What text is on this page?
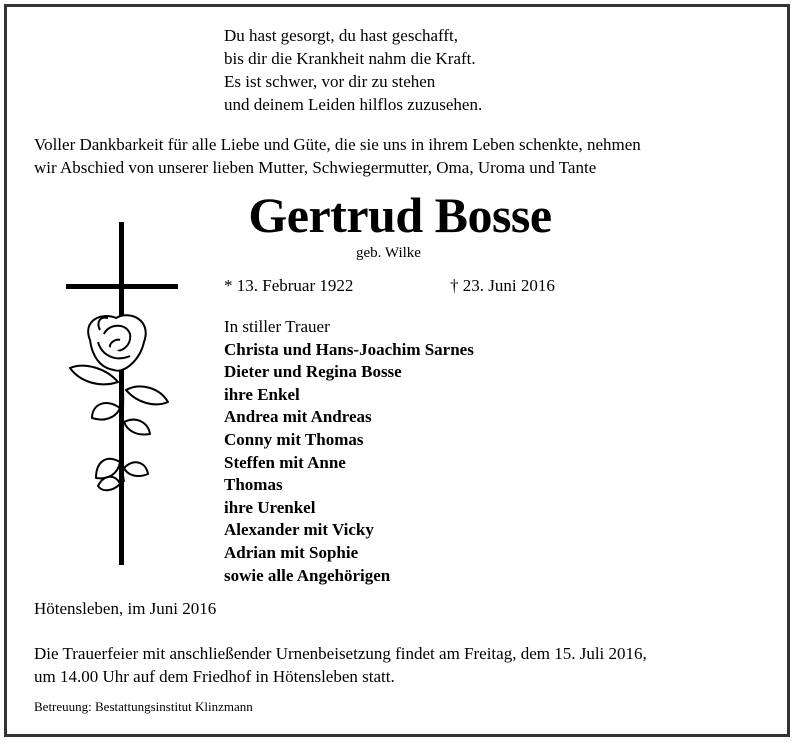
Du hast gesorgt, du hast geschafft,
bis dir die Krankheit nahm die Kraft.
Es ist schwer, vor dir zu stehen
und deinem Leiden hilflos zuzusehen.
Voller Dankbarkeit für alle Liebe und Güte, die sie uns in ihrem Leben schenkte, nehmen
wir Abschied von unserer lieben Mutter, Schwiegermutter, Oma, Uroma und Tante
Gertrud Bosse
geb. Wilke
* 13. Februar 1922	† 23. Juni 2016
In stiller Trauer
Christa und Hans-Joachim Sarnes
Dieter und Regina Bosse
ihre Enkel
Andrea mit Andreas
Conny mit Thomas
Steffen mit Anne
Thomas
ihre Urenkel
Alexander mit Vicky
Adrian mit Sophie
sowie alle Angehörigen
Hötensleben, im Juni 2016
Die Trauerfeier mit anschließender Urnenbeisetzung findet am Freitag, dem 15. Juli 2016,
um 14.00 Uhr auf dem Friedhof in Hötensleben statt.
Betreuung: Bestattungsinstitut Klinzmann
